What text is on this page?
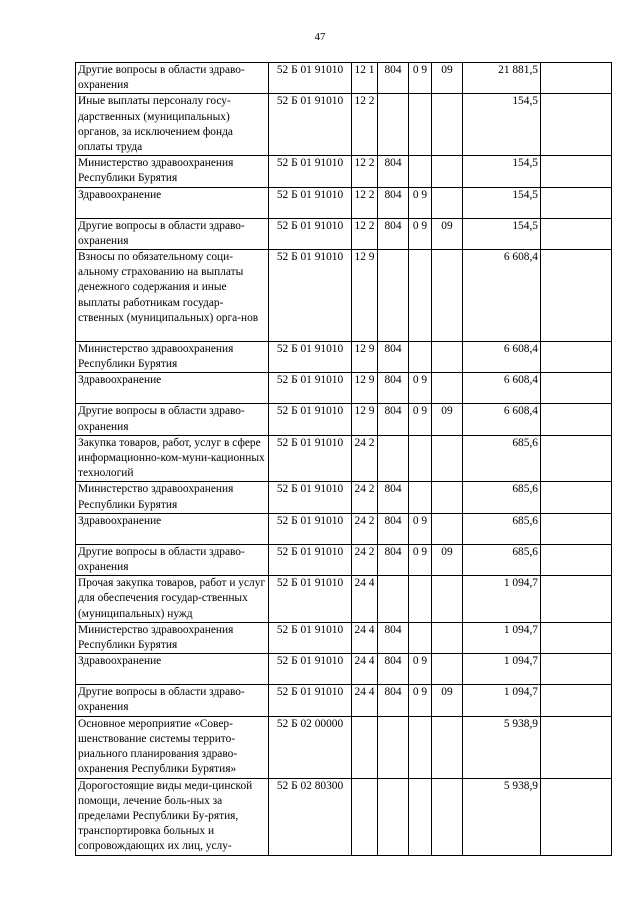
47
Другие вопросы в области здраво-охранения	52 Б 01 91010	12 1	804	0 9	09	21 881,5	
Иные выплаты персоналу госу-дарственных (муниципальных) органов, за исключением фонда оплаты труда	52 Б 01 91010	12 2				154,5	
Министерство здравоохранения Республики Бурятия	52 Б 01 91010	12 2	804			154,5	
Здравоохранение	52 Б 01 91010	12 2	804	0 9		154,5	
Другие вопросы в области здраво-охранения	52 Б 01 91010	12 2	804	0 9	09	154,5	
Взносы по обязательному соци-альному страхованию на выплаты денежного содержания и иные выплаты работникам государ-ственных (муниципальных) орга-нов	52 Б 01 91010	12 9				6 608,4	
Министерство здравоохранения Республики Бурятия	52 Б 01 91010	12 9	804			6 608,4	
Здравоохранение	52 Б 01 91010	12 9	804	0 9		6 608,4	
Другие вопросы в области здраво-охранения	52 Б 01 91010	12 9	804	0 9	09	6 608,4	
Закупка товаров, работ, услуг в сфере информационно-ком-муни-кационных технологий	52 Б 01 91010	24 2				685,6	
Министерство здравоохранения Республики Бурятия	52 Б 01 91010	24 2	804			685,6	
Здравоохранение	52 Б 01 91010	24 2	804	0 9		685,6	
Другие вопросы в области здраво-охранения	52 Б 01 91010	24 2	804	0 9	09	685,6	
Прочая закупка товаров, работ и услуг для обеспечения государ-ственных (муниципальных) нужд	52 Б 01 91010	24 4				1 094,7	
Министерство здравоохранения Республики Бурятия	52 Б 01 91010	24 4	804			1 094,7	
Здравоохранение	52 Б 01 91010	24 4	804	0 9		1 094,7	
Другие вопросы в области здраво-охранения	52 Б 01 91010	24 4	804	0 9	09	1 094,7	
Основное мероприятие «Совер-шенствование системы террито-риального планирования здраво-охранения Республики Бурятия»	52 Б 02 00000					5 938,9	
Дорогостоящие виды меди-цинской помощи, лечение боль-ных за пределами Республики Бу-рятия, транспортировка больных и сопровождающих их лиц, услу-	52 Б 02 80300					5 938,9	
